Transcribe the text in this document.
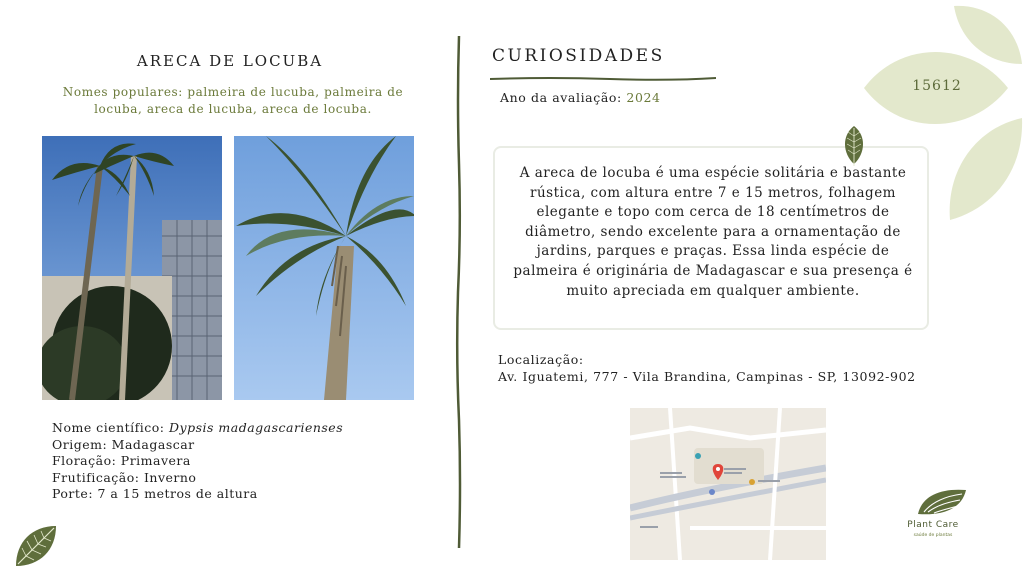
ARECA DE LOCUBA
Nomes populares: palmeira de lucuba, palmeira de locuba, areca de lucuba, areca de locuba.
Nome científico: Dypsis madagascarienses
Origem: Madagascar
Floração: Primavera
Frutificação: Inverno
Porte: 7 a 15 metros de altura
CURIOSIDADES
Ano da avaliação: 2024
A areca de locuba é uma espécie solitária e bastante rústica, com altura entre 7 e 15 metros, folhagem elegante e topo com cerca de 18 centímetros de diâmetro, sendo excelente para a ornamentação de jardins, parques e praças. Essa linda espécie de palmeira é originária de Madagascar e sua presença é muito apreciada em qualquer ambiente.
Localização:
Av. Iguatemi, 777 - Vila Brandina, Campinas - SP, 13092-902
15612
Plant Care
saúde de plantas
